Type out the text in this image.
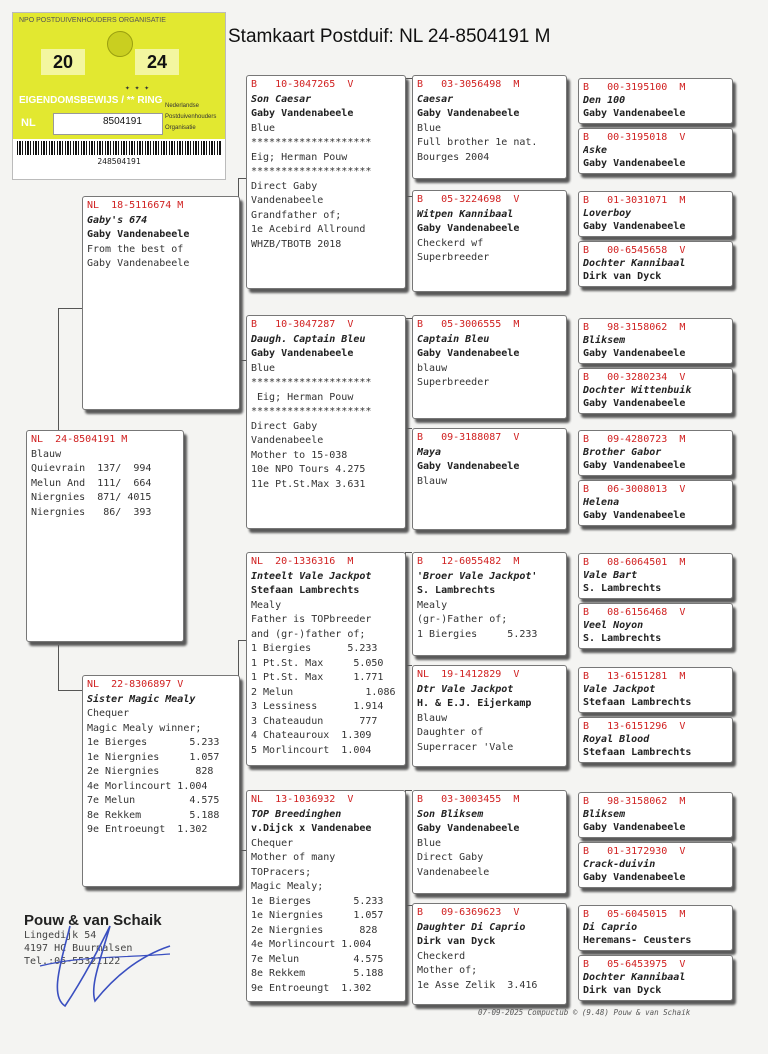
Stamkaart Postduif: NL 24-8504191 M
NPO POSTDUIVENHOUDERS ORGANISATIE
20	24
✦ ✦ ✦
EIGENDOMSBEWIJS / ** RING
NL	8504191
Nederlandse
Postduivenhouders
Organisatie
248504191
NL  24-8504191 M
Blauw
Quievrain  137/  994
Melun And  111/  664
Niergnies  871/ 4015
Niergnies   86/  393
NL  18-5116674 M
Gaby's 674
Gaby Vandenabeele
From the best of
Gaby Vandenabeele
NL  22-8306897 V
Sister Magic Mealy
Chequer
Magic Mealy winner;
1e Bierges       5.233
1e Niergnies     1.057
2e Niergnies      828
4e Morlincourt 1.004
7e Melun         4.575
8e Rekkem        5.188
9e Entroeungt  1.302
B   10-3047265  V
Son Caesar
Gaby Vandenabeele
Blue
********************
Eig; Herman Pouw
********************
Direct Gaby
Vandenabeele
Grandfather of;
1e Acebird Allround
WHZB/TBOTB 2018
B   10-3047287  V
Daugh. Captain Bleu
Gaby Vandenabeele
Blue
********************
Eig; Herman Pouw
********************
Direct Gaby
Vandenabeele
Mother to 15-038
10e NPO Tours 4.275
11e Pt.St.Max 3.631
NL  20-1336316  M
Inteelt Vale Jackpot
Stefaan Lambrechts
Mealy
Father is TOPbreeder
and (gr-)father of;
1 Biergies      5.233
1 Pt.St. Max     5.050
1 Pt.St. Max     1.771
2 Melun            1.086
3 Lessiness      1.914
3 Chateaudun      777
4 Chateauroux  1.309
5 Morlincourt  1.004
NL  13-1036932  V
TOP Breedinghen
v.Dijck x Vandenabee
Chequer
Mother of many
TOPracers;
Magic Mealy;
1e Bierges       5.233
1e Niergnies     1.057
2e Niergnies      828
4e Morlincourt 1.004
7e Melun         4.575
8e Rekkem        5.188
9e Entroeungt  1.302
B   03-3056498  M
Caesar
Gaby Vandenabeele
Blue
Full brother 1e nat.
Bourges 2004
B   05-3224698  V
Witpen Kannibaal
Gaby Vandenabeele
Checkerd wf
Superbreeder
B   05-3006555  M
Captain Bleu
Gaby Vandenabeele
blauw
Superbreeder
B   09-3188087  V
Maya
Gaby Vandenabeele
Blauw
B   12-6055482  M
'Broer Vale Jackpot'
S. Lambrechts
Mealy
(gr-)Father of;
1 Biergies     5.233
NL  19-1412829  V
Dtr Vale Jackpot
H. & E.J. Eijerkamp
Blauw
Daughter of
Superracer 'Vale
B   03-3003455  M
Son Bliksem
Gaby Vandenabeele
Blue
Direct Gaby
Vandenabeele
B   09-6369623  V
Daughter Di Caprio
Dirk van Dyck
Checkerd
Mother of;
1e Asse Zelik  3.416
B   00-3195100  M
Den 100
Gaby Vandenabeele
B   00-3195018  V
Aske
Gaby Vandenabeele
B   01-3031071  M
Loverboy
Gaby Vandenabeele
B   00-6545658  V
Dochter Kannibaal
Dirk van Dyck
B   98-3158062  M
Bliksem
Gaby Vandenabeele
B   00-3280234  V
Dochter Wittenbuik
Gaby Vandenabeele
B   09-4280723  M
Brother Gabor
Gaby Vandenabeele
B   06-3008013  V
Helena
Gaby Vandenabeele
B   08-6064501  M
Vale Bart
S. Lambrechts
B   08-6156468  V
Veel Noyon
S. Lambrechts
B   13-6151281  M
Vale Jackpot
Stefaan Lambrechts
B   13-6151296  V
Royal Blood
Stefaan Lambrechts
B   98-3158062  M
Bliksem
Gaby Vandenabeele
B   01-3172930  V
Crack-duivin
Gaby Vandenabeele
B   05-6045015  M
Di Caprio
Heremans- Ceusters
B   05-6453975  V
Dochter Kannibaal
Dirk van Dyck
Pouw & van Schaik
Lingedijk 54
4197 HC Buurmalsen
Tel.:06-55321122
07-09-2025 Compuclub © (9.48) Pouw & van Schaik
